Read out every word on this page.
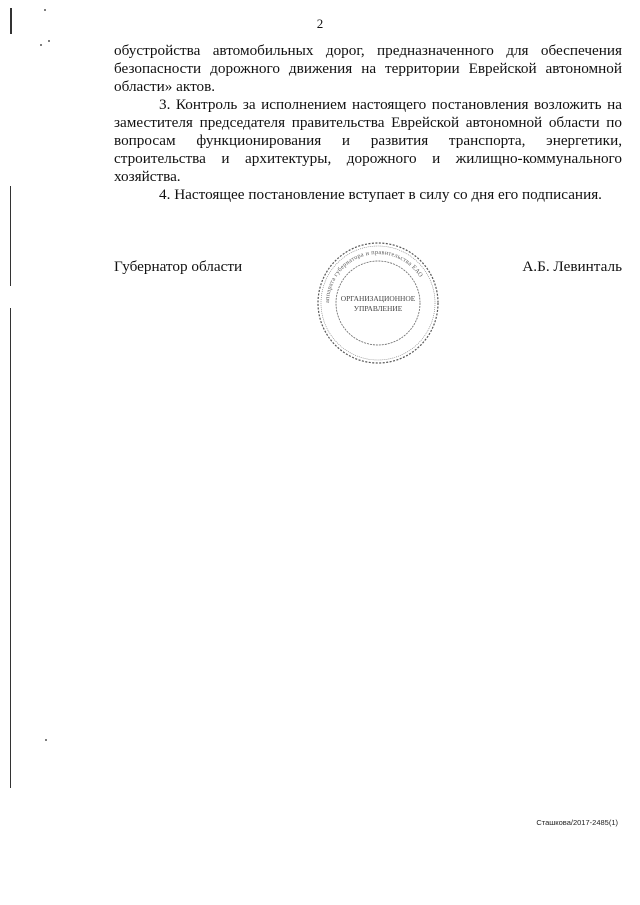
2

обустройства автомобильных дорог, предназначенного для обеспечения безопасности дорожного движения на территории Еврейской автономной области» актов.

3. Контроль за исполнением настоящего постановления возложить на заместителя председателя правительства Еврейской автономной области по вопросам функционирования и развития транспорта, энергетики, строительства и архитектуры, дорожного и жилищно-коммунального хозяйства.

4. Настоящее постановление вступает в силу со дня его подписания.

Губернатор области	А.Б. Левинталь
аппарата губернатора и правительства ЕАО
ОРГАНИЗАЦИОННОЕ
УПРАВЛЕНИЕ
Сташкова/2017-2485(1)
